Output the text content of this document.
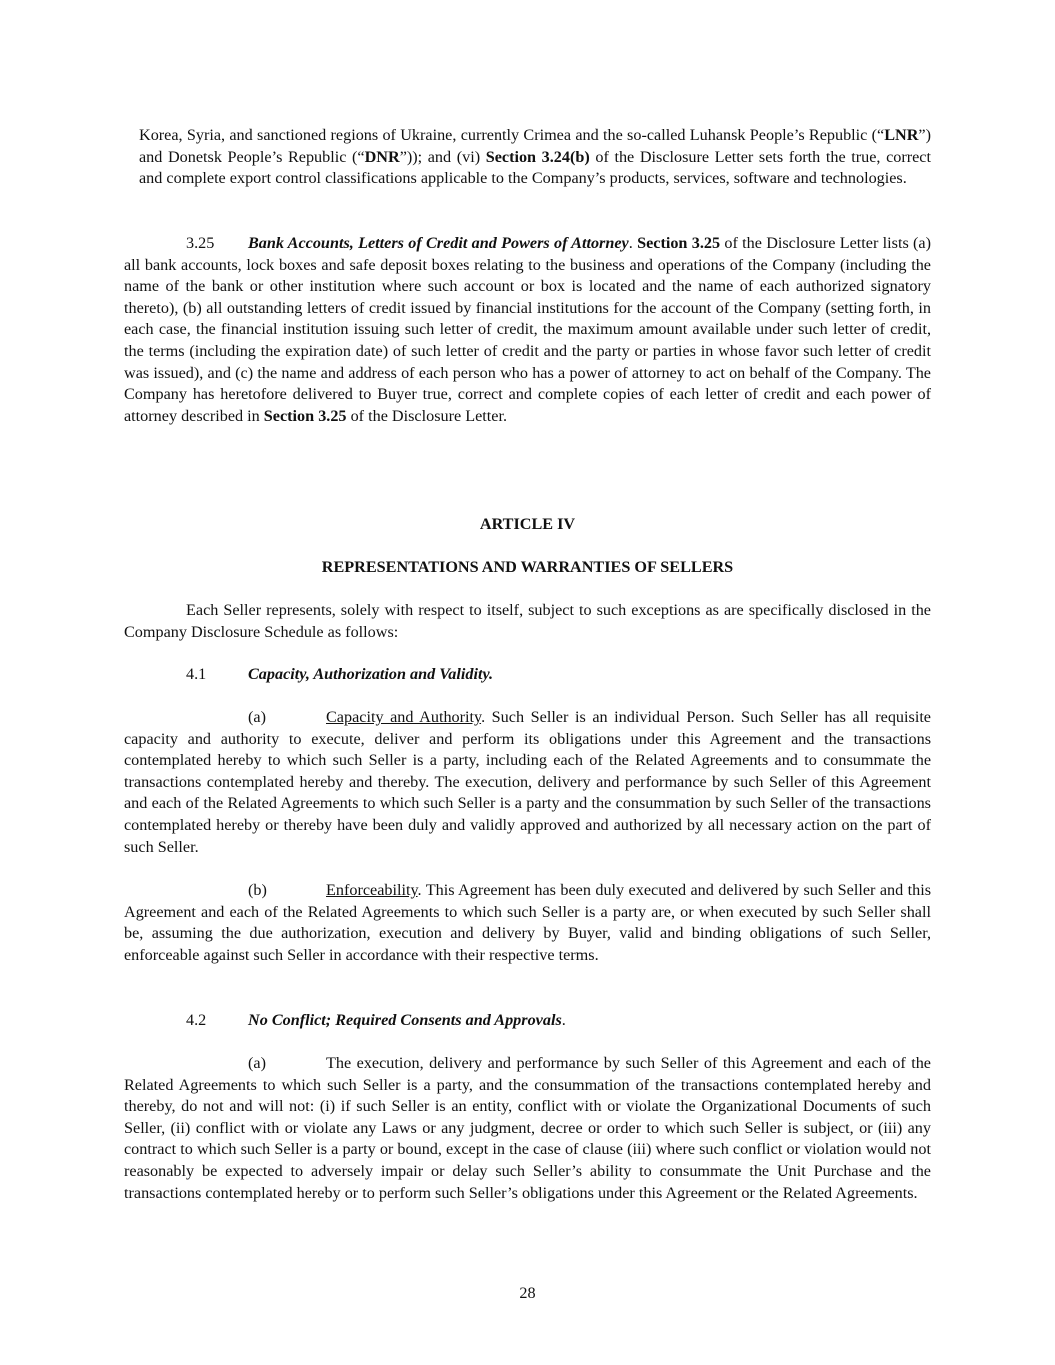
Korea, Syria, and sanctioned regions of Ukraine, currently Crimea and the so-called Luhansk People’s Republic (“LNR”) and Donetsk People’s Republic (“DNR”)); and (vi) Section 3.24(b) of the Disclosure Letter sets forth the true, correct and complete export control classifications applicable to the Company’s products, services, software and technologies.

3.25 Bank Accounts, Letters of Credit and Powers of Attorney. Section 3.25 of the Disclosure Letter lists (a) all bank accounts, lock boxes and safe deposit boxes relating to the business and operations of the Company (including the name of the bank or other institution where such account or box is located and the name of each authorized signatory thereto), (b) all outstanding letters of credit issued by financial institutions for the account of the Company (setting forth, in each case, the financial institution issuing such letter of credit, the maximum amount available under such letter of credit, the terms (including the expiration date) of such letter of credit and the party or parties in whose favor such letter of credit was issued), and (c) the name and address of each person who has a power of attorney to act on behalf of the Company. The Company has heretofore delivered to Buyer true, correct and complete copies of each letter of credit and each power of attorney described in Section 3.25 of the Disclosure Letter.

ARTICLE IV

REPRESENTATIONS AND WARRANTIES OF SELLERS

Each Seller represents, solely with respect to itself, subject to such exceptions as are specifically disclosed in the Company Disclosure Schedule as follows:

4.1	Capacity, Authorization and Validity.

(a)	Capacity and Authority. Such Seller is an individual Person. Such Seller has all requisite capacity and authority to execute, deliver and perform its obligations under this Agreement and the transactions contemplated hereby to which such Seller is a party, including each of the Related Agreements and to consummate the transactions contemplated hereby and thereby. The execution, delivery and performance by such Seller of this Agreement and each of the Related Agreements to which such Seller is a party and the consummation by such Seller of the transactions contemplated hereby or thereby have been duly and validly approved and authorized by all necessary action on the part of such Seller.

(b)	Enforceability. This Agreement has been duly executed and delivered by such Seller and this Agreement and each of the Related Agreements to which such Seller is a party are, or when executed by such Seller shall be, assuming the due authorization, execution and delivery by Buyer, valid and binding obligations of such Seller, enforceable against such Seller in accordance with their respective terms.

4.2	No Conflict; Required Consents and Approvals.

(a)	The execution, delivery and performance by such Seller of this Agreement and each of the Related Agreements to which such Seller is a party, and the consummation of the transactions contemplated hereby and thereby, do not and will not: (i) if such Seller is an entity, conflict with or violate the Organizational Documents of such Seller, (ii) conflict with or violate any Laws or any judgment, decree or order to which such Seller is subject, or (iii) any contract to which such Seller is a party or bound, except in the case of clause (iii) where such conflict or violation would not reasonably be expected to adversely impair or delay such Seller’s ability to consummate the Unit Purchase and the transactions contemplated hereby or to perform such Seller’s obligations under this Agreement or the Related Agreements.

28
